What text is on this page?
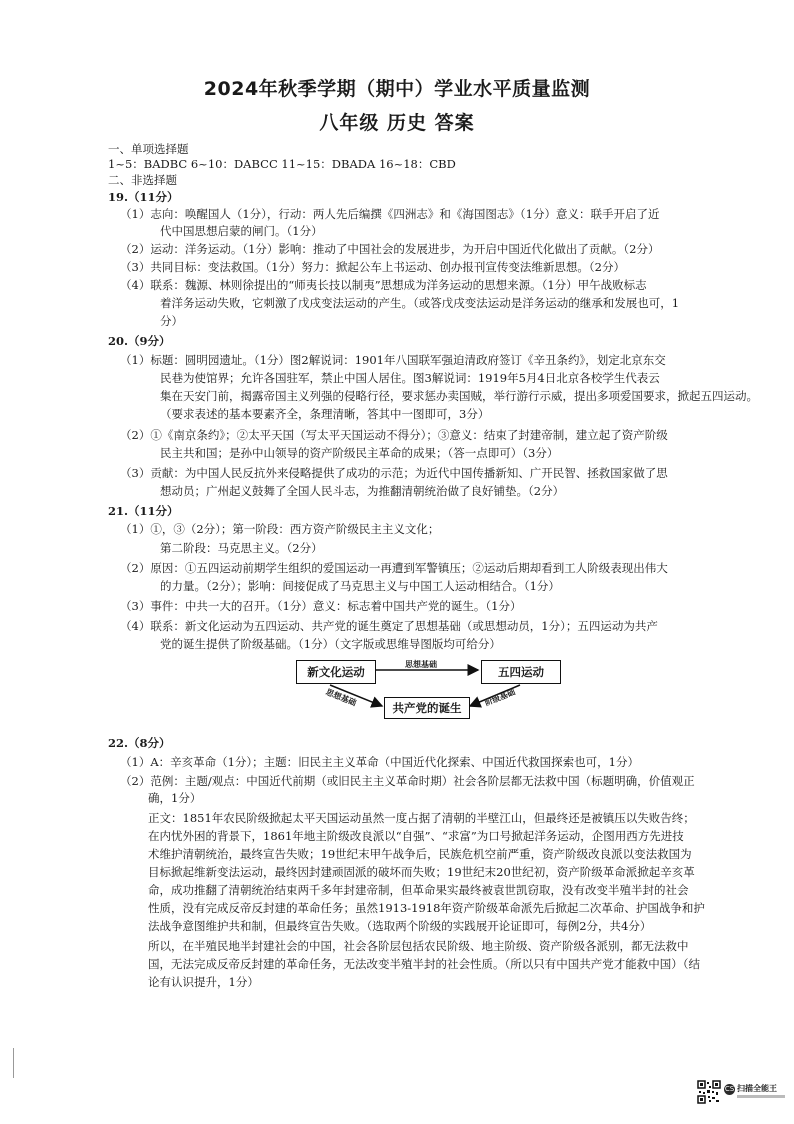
2024年秋季学期（期中）学业水平质量监测
八年级 历史 答案
一、单项选择题
1~5：BADBC 6~10：DABCC 11~15：DBADA 16~18：CBD
二、非选择题
19.（11分）
（1）志向：唤醒国人（1分），行动：两人先后编撰《四洲志》和《海国图志》（1分）意义：联手开启了近
代中国思想启蒙的闸门。（1分）
（2）运动：洋务运动。（1分）影响：推动了中国社会的发展进步，为开启中国近代化做出了贡献。（2分）
（3）共同目标：变法救国。（1分）努力：掀起公车上书运动、创办报刊宣传变法维新思想。（2分）
（4）联系：魏源、林则徐提出的“师夷长技以制夷”思想成为洋务运动的思想来源。（1分）甲午战败标志
着洋务运动失败，它刺激了戊戌变法运动的产生。（或答戊戌变法运动是洋务运动的继承和发展也可，1
分）
20.（9分）
（1）标题：圆明园遗址。（1分）图2解说词：1901年八国联军强迫清政府签订《辛丑条约》，划定北京东交
民巷为使馆界；允许各国驻军，禁止中国人居住。图3解说词：1919年5月4日北京各校学生代表云
集在天安门前，揭露帝国主义列强的侵略行径，要求惩办卖国贼，举行游行示威，提出多项爱国要求，掀起五四运动。
（要求表述的基本要素齐全，条理清晰，答其中一图即可，3分）
（2）①《南京条约》；②太平天国（写太平天国运动不得分）；③意义：结束了封建帝制，建立起了资产阶级
民主共和国；是孙中山领导的资产阶级民主革命的成果；（答一点即可）（3分）
（3）贡献：为中国人民反抗外来侵略提供了成功的示范；为近代中国传播新知、广开民智、拯救国家做了思
想动员；广州起义鼓舞了全国人民斗志，为推翻清朝统治做了良好铺垫。（2分）
21.（11分）
（1）①，③（2分）；第一阶段：西方资产阶级民主主义文化；
第二阶段：马克思主义。（2分）
（2）原因：①五四运动前期学生组织的爱国运动一再遭到军警镇压；②运动后期却看到工人阶级表现出伟大
的力量。（2分）；影响：间接促成了马克思主义与中国工人运动相结合。（1分）
（3）事件：中共一大的召开。（1分）意义：标志着中国共产党的诞生。（1分）
（4）联系：新文化运动为五四运动、共产党的诞生奠定了思想基础（或思想动员，1分）；五四运动为共产
党的诞生提供了阶级基础。（1分）（文字版或思维导图版均可给分）
新文化运动	五四运动
共产党的诞生
思想基础
思想基础	阶级基础
22.（8分）
（1）A：辛亥革命（1分）；主题：旧民主主义革命（中国近代化探索、中国近代救国探索也可，1分）
（2）范例：主题/观点：中国近代前期（或旧民主主义革命时期）社会各阶层都无法救中国（标题明确，价值观正
确，1分）
正文：1851年农民阶级掀起太平天国运动虽然一度占据了清朝的半壁江山，但最终还是被镇压以失败告终；
在内忧外困的背景下，1861年地主阶级改良派以“自强”、“求富”为口号掀起洋务运动，企图用西方先进技
术维护清朝统治，最终宣告失败；19世纪末甲午战争后，民族危机空前严重，资产阶级改良派以变法救国为
目标掀起维新变法运动，最终因封建顽固派的破坏而失败；19世纪末20世纪初，资产阶级革命派掀起辛亥革
命，成功推翻了清朝统治结束两千多年封建帝制，但革命果实最终被袁世凯窃取，没有改变半殖半封的社会
性质，没有完成反帝反封建的革命任务；虽然1913-1918年资产阶级革命派先后掀起二次革命、护国战争和护
法战争意图维护共和制，但最终宣告失败。（选取两个阶级的实践展开论证即可，每例2分，共4分）
所以，在半殖民地半封建社会的中国，社会各阶层包括农民阶级、地主阶级、资产阶级各派别，都无法救中
国，无法完成反帝反封建的革命任务，无法改变半殖半封的社会性质。（所以只有中国共产党才能救中国）（结
论有认识提升，1分）
CS 扫描全能王
